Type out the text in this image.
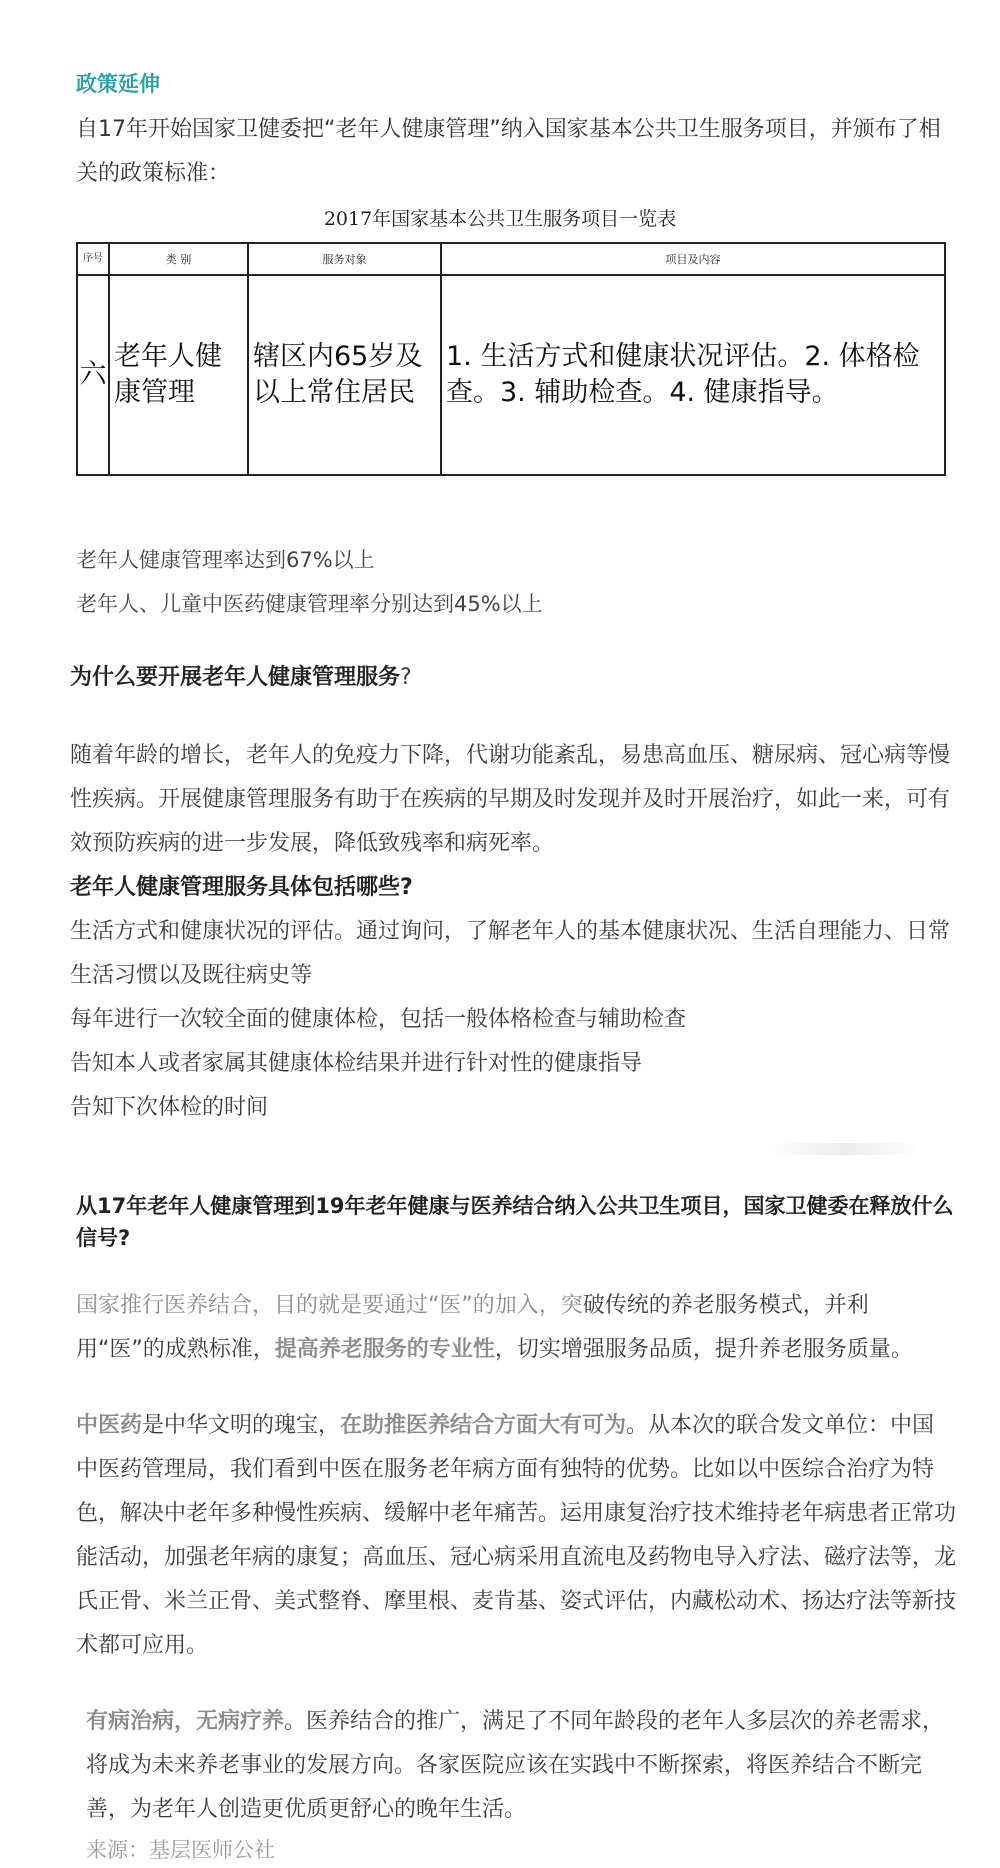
政策延伸
自17年开始国家卫健委把“老年人健康管理”纳入国家基本公共卫生服务项目，并颁布了相关的政策标准：
2017年国家基本公共卫生服务项目一览表
序号	类 别	服务对象	项目及内容
六	老年人健康管理	辖区内65岁及以上常住居民	1. 生活方式和健康状况评估。2. 体格检查。3. 辅助检查。4. 健康指导。
老年人健康管理率达到67%以上
老年人、儿童中医药健康管理率分别达到45%以上
为什么要开展老年人健康管理服务?
随着年龄的增长，老年人的免疫力下降，代谢功能紊乱，易患高血压、糖尿病、冠心病等慢性疾病。开展健康管理服务有助于在疾病的早期及时发现并及时开展治疗，如此一来，可有效预防疾病的进一步发展，降低致残率和病死率。
老年人健康管理服务具体包括哪些?
生活方式和健康状况的评估。通过询问，了解老年人的基本健康状况、生活自理能力、日常生活习惯以及既往病史等
每年进行一次较全面的健康体检，包括一般体格检查与辅助检查
告知本人或者家属其健康体检结果并进行针对性的健康指导
告知下次体检的时间
从17年老年人健康管理到19年老年健康与医养结合纳入公共卫生项目，国家卫健委在释放什么信号?
国家推行医养结合，目的就是要通过“医”的加入，突破传统的养老服务模式，并利用“医”的成熟标准，提高养老服务的专业性，切实增强服务品质，提升养老服务质量。
中医药是中华文明的瑰宝，在助推医养结合方面大有可为。从本次的联合发文单位：中国中医药管理局，我们看到中医在服务老年病方面有独特的优势。比如以中医综合治疗为特色，解决中老年多种慢性疾病、缓解中老年痛苦。运用康复治疗技术维持老年病患者正常功能活动，加强老年病的康复；高血压、冠心病采用直流电及药物电导入疗法、磁疗法等，龙氏正骨、米兰正骨、美式整脊、摩里根、麦肯基、姿式评估，内藏松动术、扬达疗法等新技术都可应用。
有病治病，无病疗养。医养结合的推广，满足了不同年龄段的老年人多层次的养老需求，将成为未来养老事业的发展方向。各家医院应该在实践中不断探索，将医养结合不断完善，为老年人创造更优质更舒心的晚年生活。
来源：基层医师公社
